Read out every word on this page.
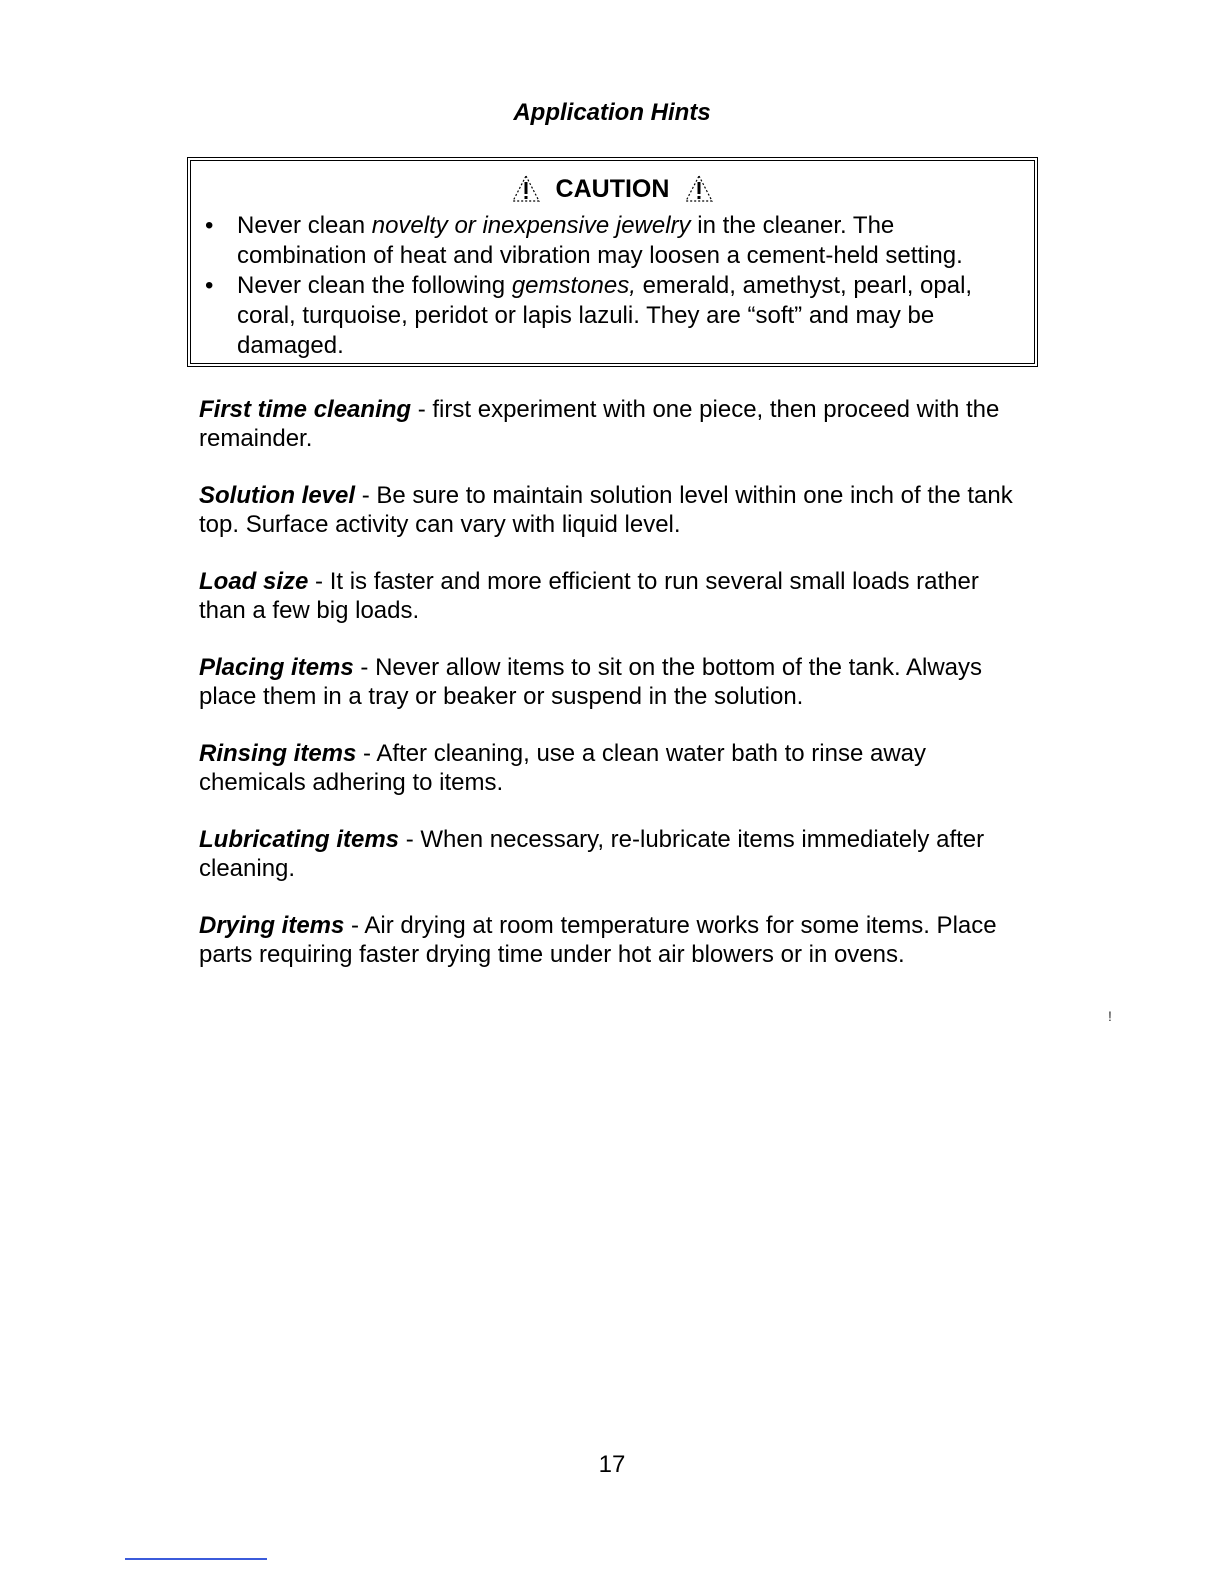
Application Hints
CAUTION
• Never clean novelty or inexpensive jewelry in the cleaner. The combination of heat and vibration may loosen a cement-held setting.
• Never clean the following gemstones, emerald, amethyst, pearl, opal, coral, turquoise, peridot or lapis lazuli. They are “soft” and may be damaged.

First time cleaning - first experiment with one piece, then proceed with the remainder.

Solution level - Be sure to maintain solution level within one inch of the tank top. Surface activity can vary with liquid level.

Load size - It is faster and more efficient to run several small loads rather than a few big loads.

Placing items - Never allow items to sit on the bottom of the tank. Always place them in a tray or beaker or suspend in the solution.

Rinsing items - After cleaning, use a clean water bath to rinse away chemicals adhering to items.

Lubricating items - When necessary, re-lubricate items immediately after cleaning.

Drying items - Air drying at room temperature works for some items. Place parts requiring faster drying time under hot air blowers or in ovens.

!
17
